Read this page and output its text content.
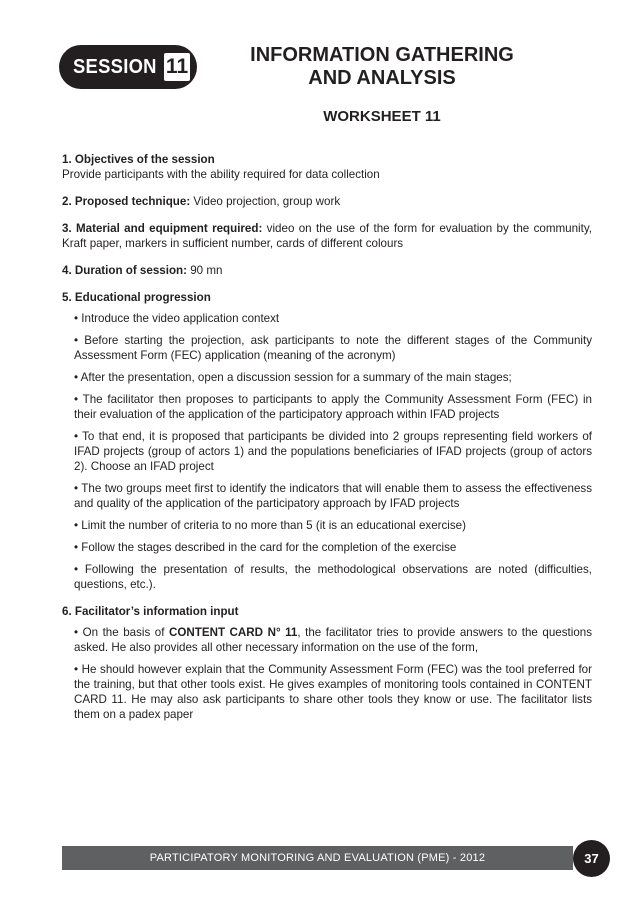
SESSION 11	INFORMATION GATHERING
AND ANALYSIS
WORKSHEET 11
1. Objectives of the session
Provide participants with the ability required for data collection
2. Proposed technique: Video projection, group work
3. Material and equipment required: video on the use of the form for evaluation by the community, Kraft paper, markers in sufficient number, cards of different colours
4. Duration of session: 90 mn
5. Educational progression
• Introduce the video application context
• Before starting the projection, ask participants to note the different stages of the Community Assessment Form (FEC) application (meaning of the acronym)
• After the presentation, open a discussion session for a summary of the main stages;
• The facilitator then proposes to participants to apply the Community Assessment Form (FEC) in their evaluation of the application of the participatory approach within IFAD projects
• To that end, it is proposed that participants be divided into 2 groups representing field workers of IFAD projects (group of actors 1) and the populations beneficiaries of IFAD projects (group of actors 2). Choose an IFAD project
• The two groups meet first to identify the indicators that will enable them to assess the effectiveness and quality of the application of the participatory approach by IFAD projects
• Limit the number of criteria to no more than 5 (it is an educational exercise)
• Follow the stages described in the card for the completion of the exercise
• Following the presentation of results, the methodological observations are noted (difficulties, questions, etc.).
6. Facilitator’s information input
• On the basis of CONTENT CARD N° 11, the facilitator tries to provide answers to the questions asked. He also provides all other necessary information on the use of the form,
• He should however explain that the Community Assessment Form (FEC) was the tool preferred for the training, but that other tools exist. He gives examples of monitoring tools contained in CONTENT CARD 11. He may also ask participants to share other tools they know or use. The facilitator lists them on a padex paper
PARTICIPATORY MONITORING AND EVALUATION (PME) - 2012	37
